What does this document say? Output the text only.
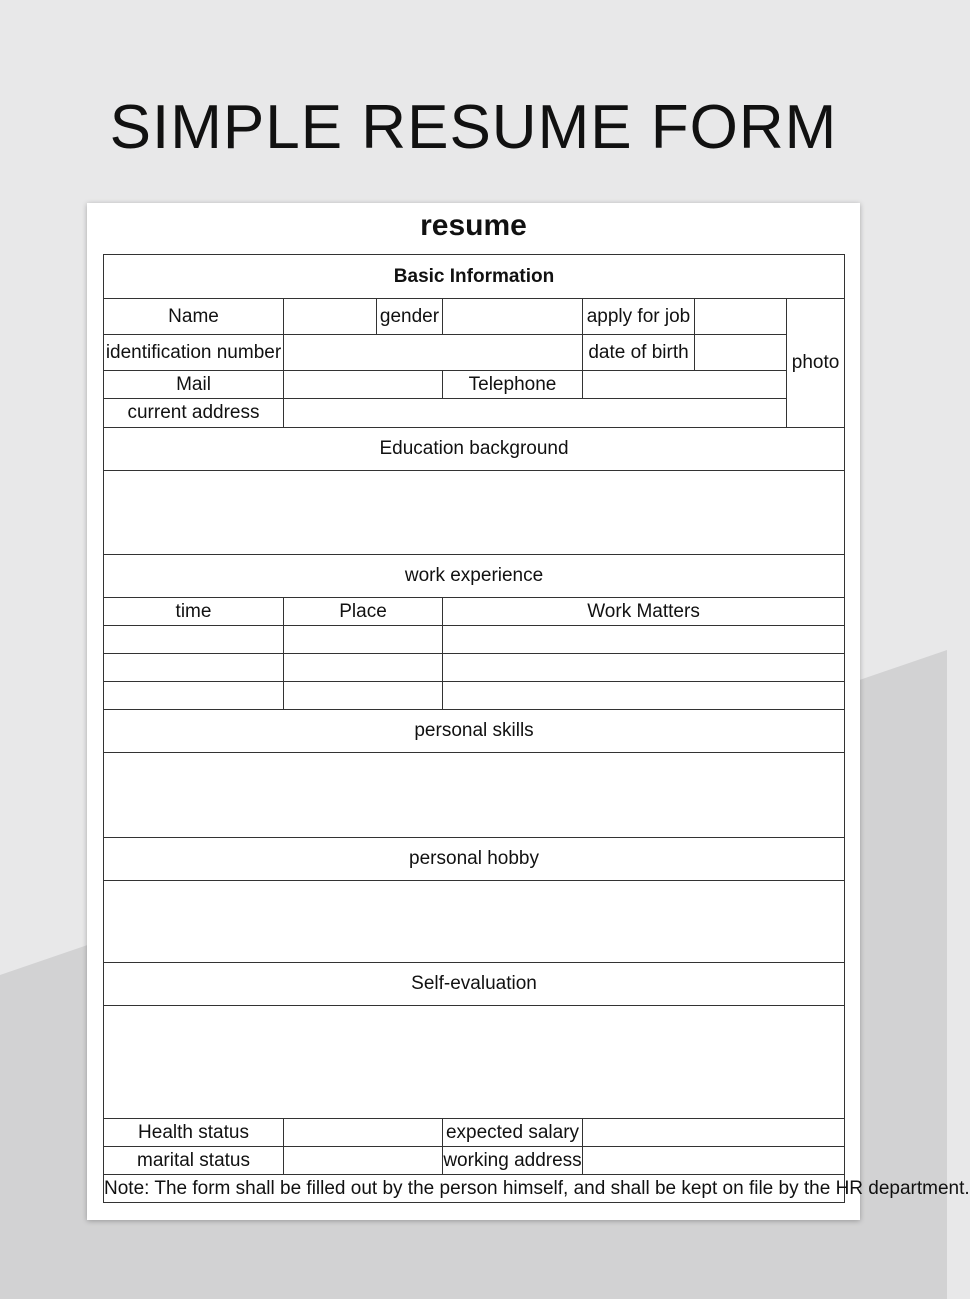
SIMPLE RESUME FORM
resume
Basic Information						
Name		gender		apply for job		photo
identification number				date of birth		
Mail			Telephone			
current address						
Education background						

work experience						
time	Place		Work Matters			

personal skills						

personal hobby						

Self-evaluation						

Health status			expected salary			
marital status			working address			
Note: The form shall be filled out by the person himself, and shall be kept on file by the HR department.						
